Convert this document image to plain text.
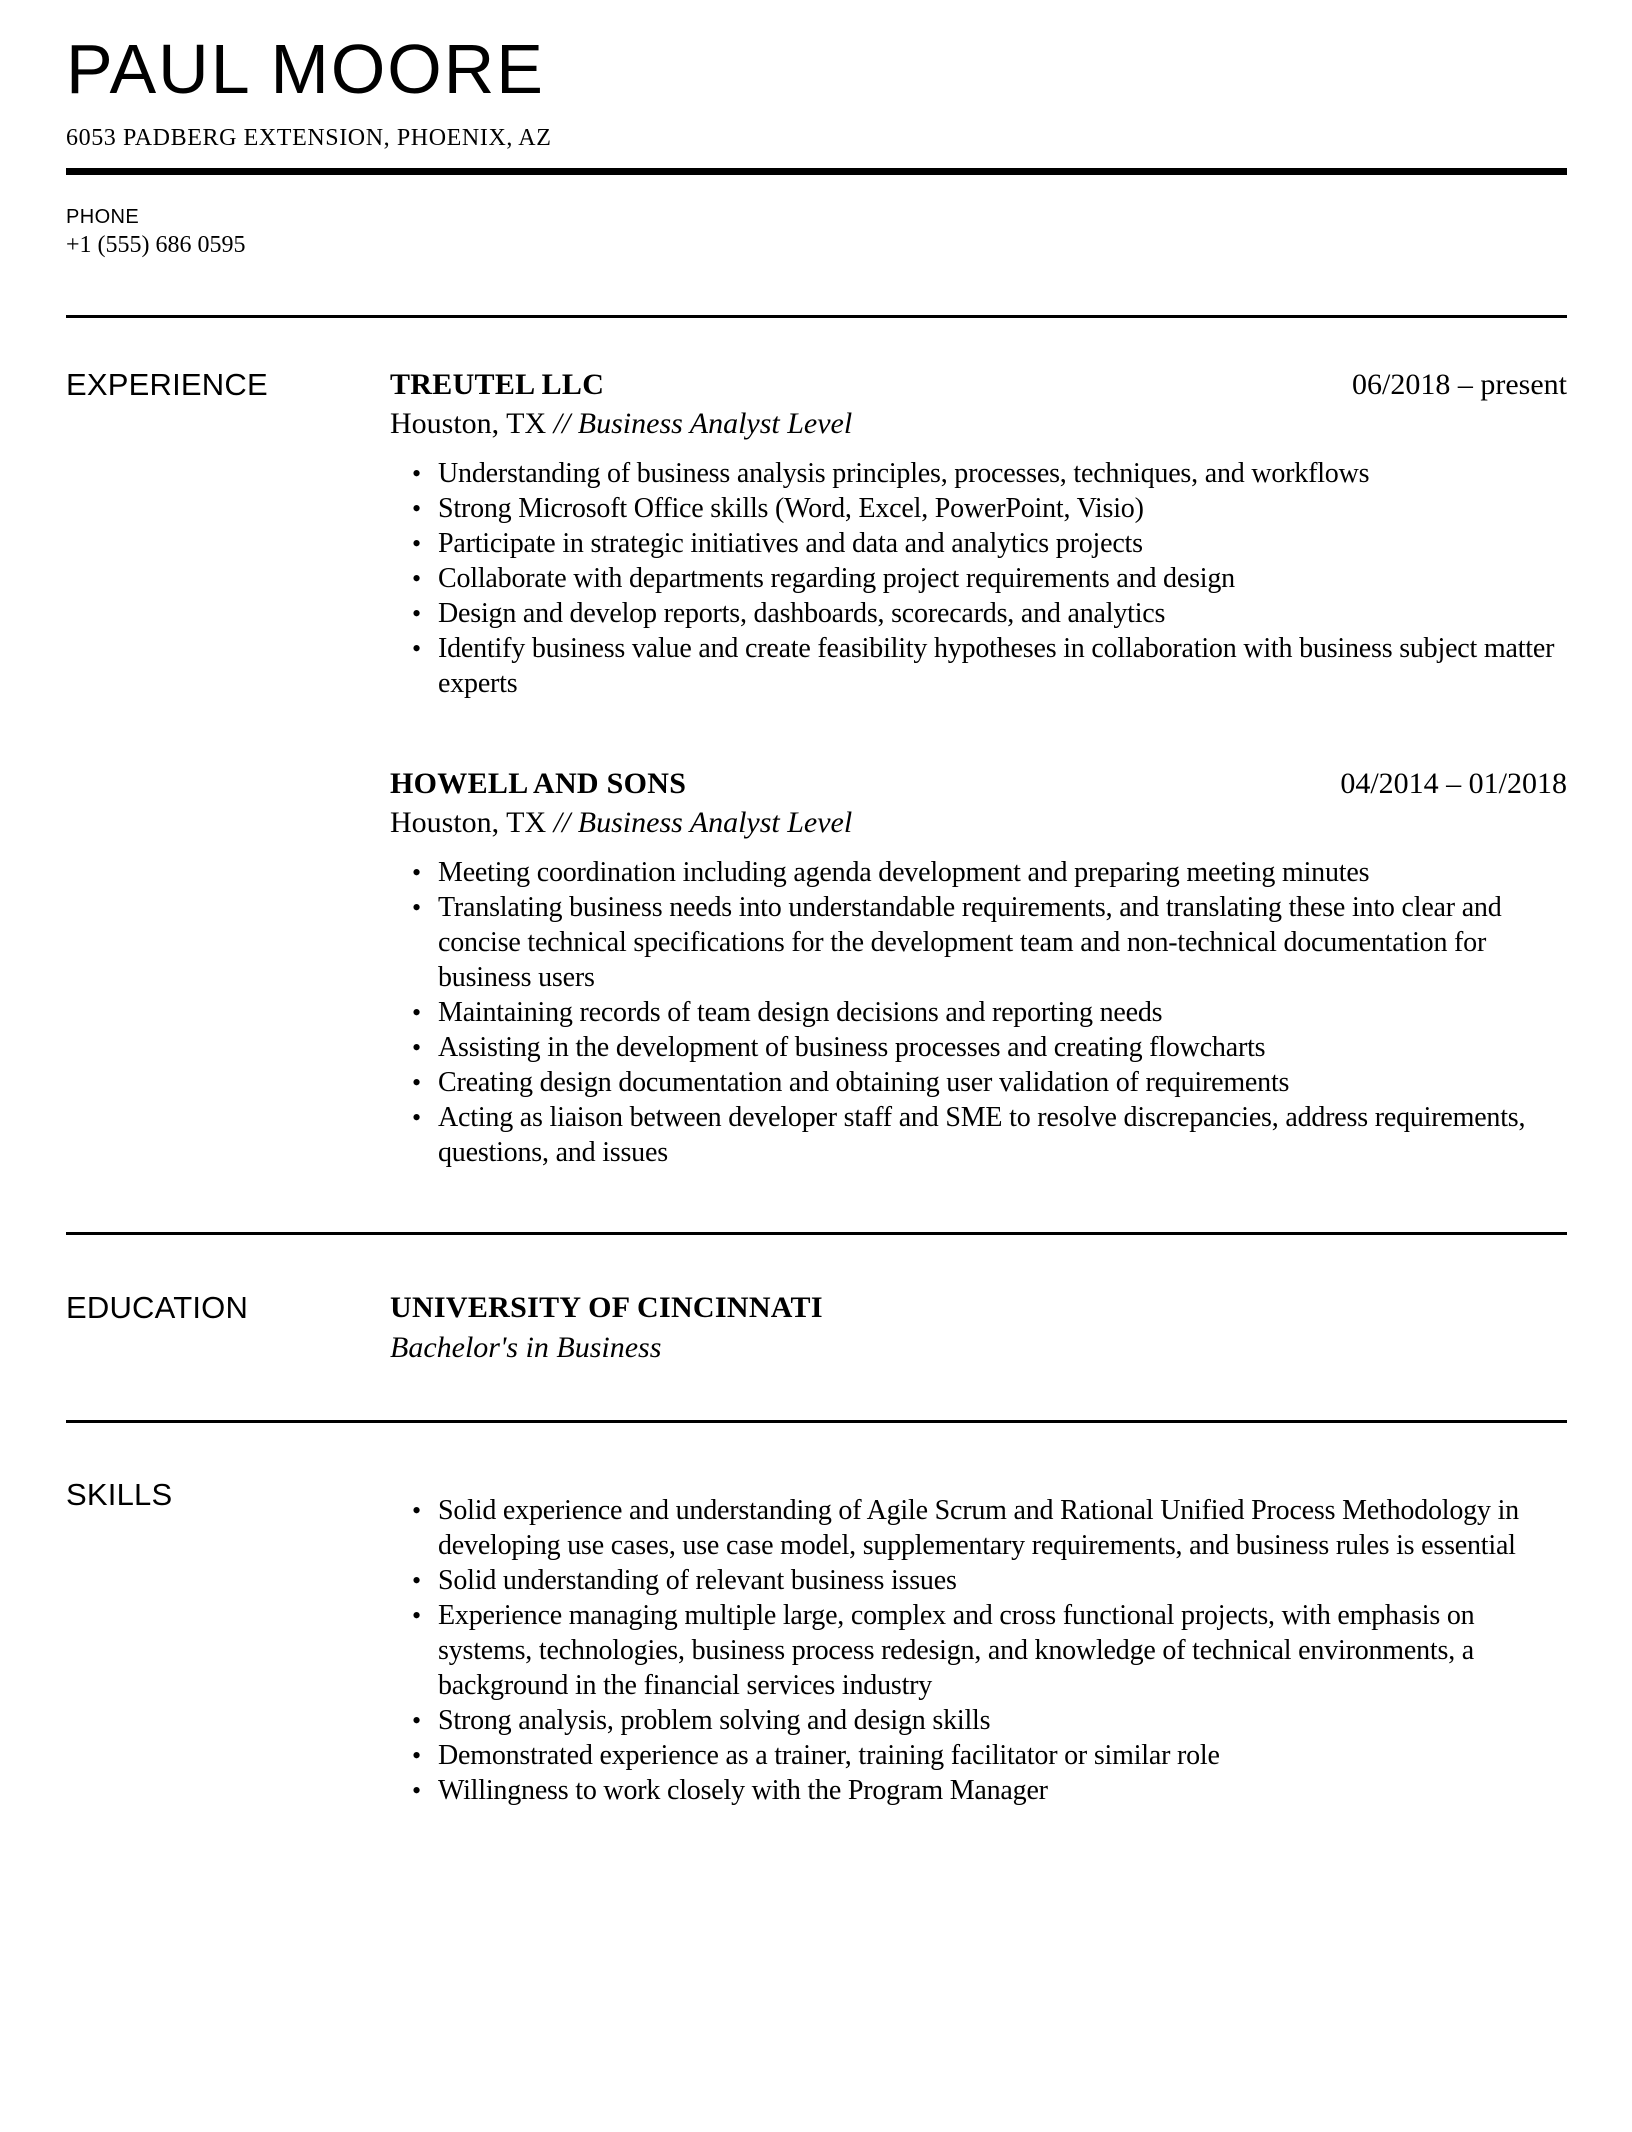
PAUL MOORE
6053 PADBERG EXTENSION, PHOENIX, AZ
PHONE
+1 (555) 686 0595
EXPERIENCE	TREUTEL LLC	06/2018 – present
Houston, TX // Business Analyst Level
• Understanding of business analysis principles, processes, techniques, and workflows
• Strong Microsoft Office skills (Word, Excel, PowerPoint, Visio)
• Participate in strategic initiatives and data and analytics projects
• Collaborate with departments regarding project requirements and design
• Design and develop reports, dashboards, scorecards, and analytics
• Identify business value and create feasibility hypotheses in collaboration with business subject matter experts
HOWELL AND SONS	04/2014 – 01/2018
Houston, TX // Business Analyst Level
• Meeting coordination including agenda development and preparing meeting minutes
• Translating business needs into understandable requirements, and translating these into clear and concise technical specifications for the development team and non-technical documentation for business users
• Maintaining records of team design decisions and reporting needs
• Assisting in the development of business processes and creating flowcharts
• Creating design documentation and obtaining user validation of requirements
• Acting as liaison between developer staff and SME to resolve discrepancies, address requirements, questions, and issues
EDUCATION	UNIVERSITY OF CINCINNATI
Bachelor's in Business
SKILLS	• Solid experience and understanding of Agile Scrum and Rational Unified Process Methodology in developing use cases, use case model, supplementary requirements, and business rules is essential
• Solid understanding of relevant business issues
• Experience managing multiple large, complex and cross functional projects, with emphasis on systems, technologies, business process redesign, and knowledge of technical environments, a background in the financial services industry
• Strong analysis, problem solving and design skills
• Demonstrated experience as a trainer, training facilitator or similar role
• Willingness to work closely with the Program Manager
